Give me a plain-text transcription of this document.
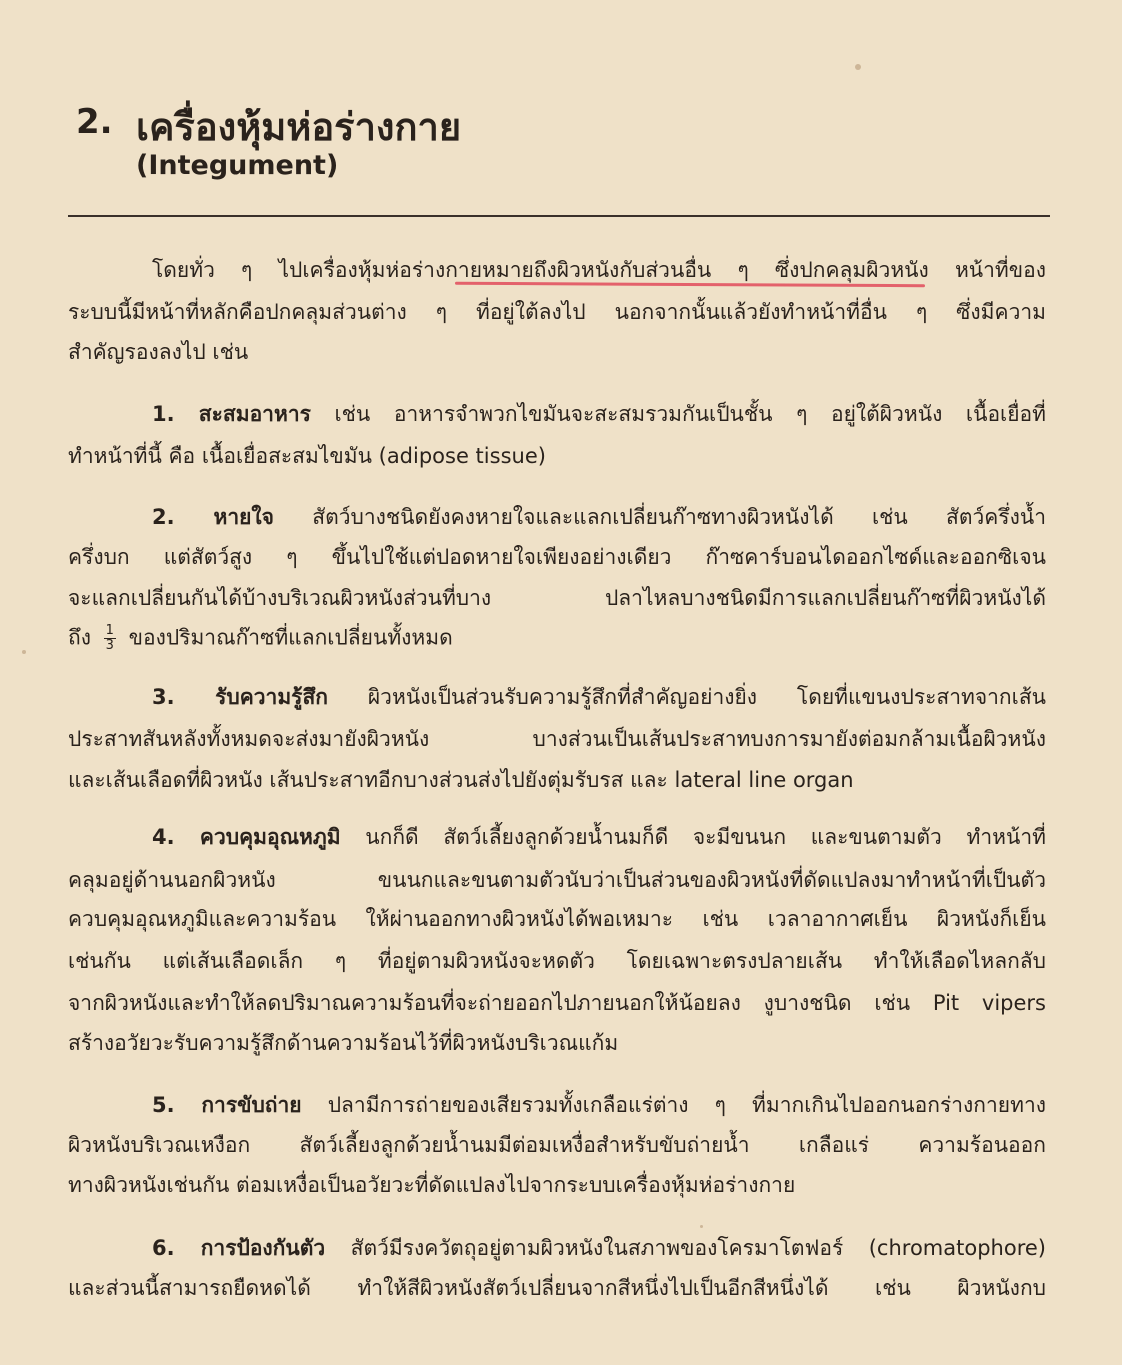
2. เครื่องหุ้มห่อร่างกาย
(Integument)
โดยทั่ว ๆ ไปเครื่องหุ้มห่อร่างกายหมายถึงผิวหนังกับส่วนอื่น ๆ ซึ่งปกคลุมผิวหนัง หน้าที่ของ
ระบบนี้มีหน้าที่หลักคือปกคลุมส่วนต่าง ๆ ที่อยู่ใต้ลงไป นอกจากนั้นแล้วยังทำหน้าที่อื่น ๆ ซึ่งมีความ
สำคัญรองลงไป เช่น
1. สะสมอาหาร เช่น อาหารจำพวกไขมันจะสะสมรวมกันเป็นชั้น ๆ อยู่ใต้ผิวหนัง เนื้อเยื่อที่
ทำหน้าที่นี้ คือ เนื้อเยื่อสะสมไขมัน (adipose tissue)
2. หายใจ สัตว์บางชนิดยังคงหายใจและแลกเปลี่ยนก๊าซทางผิวหนังได้ เช่น สัตว์ครึ่งน้ำ
ครึ่งบก แต่สัตว์สูง ๆ ขึ้นไปใช้แต่ปอดหายใจเพียงอย่างเดียว ก๊าซคาร์บอนไดออกไซด์และออกซิเจน
จะแลกเปลี่ยนกันได้บ้างบริเวณผิวหนังส่วนที่บาง ปลาไหลบางชนิดมีการแลกเปลี่ยนก๊าซที่ผิวหนังได้
ถึง $\frac{1}{3}$ ของปริมาณก๊าซที่แลกเปลี่ยนทั้งหมด
3. รับความรู้สึก ผิวหนังเป็นส่วนรับความรู้สึกที่สำคัญอย่างยิ่ง โดยที่แขนงประสาทจากเส้น
ประสาทสันหลังทั้งหมดจะส่งมายังผิวหนัง บางส่วนเป็นเส้นประสาทบงการมายังต่อมกล้ามเนื้อผิวหนัง
และเส้นเลือดที่ผิวหนัง เส้นประสาทอีกบางส่วนส่งไปยังตุ่มรับรส และ lateral line organ
4. ควบคุมอุณหภูมิ นกก็ดี สัตว์เลี้ยงลูกด้วยน้ำนมก็ดี จะมีขนนก และขนตามตัว ทำหน้าที่
คลุมอยู่ด้านนอกผิวหนัง ขนนกและขนตามตัวนับว่าเป็นส่วนของผิวหนังที่ดัดแปลงมาทำหน้าที่เป็นตัว
ควบคุมอุณหภูมิและความร้อน ให้ผ่านออกทางผิวหนังได้พอเหมาะ เช่น เวลาอากาศเย็น ผิวหนังก็เย็น
เช่นกัน แต่เส้นเลือดเล็ก ๆ ที่อยู่ตามผิวหนังจะหดตัว โดยเฉพาะตรงปลายเส้น ทำให้เลือดไหลกลับ
จากผิวหนังและทำให้ลดปริมาณความร้อนที่จะถ่ายออกไปภายนอกให้น้อยลง งูบางชนิด เช่น Pit vipers
สร้างอวัยวะรับความรู้สึกด้านความร้อนไว้ที่ผิวหนังบริเวณแก้ม
5. การขับถ่าย ปลามีการถ่ายของเสียรวมทั้งเกลือแร่ต่าง ๆ ที่มากเกินไปออกนอกร่างกายทาง
ผิวหนังบริเวณเหงือก สัตว์เลี้ยงลูกด้วยน้ำนมมีต่อมเหงื่อสำหรับขับถ่ายน้ำ เกลือแร่ ความร้อนออก
ทางผิวหนังเช่นกัน ต่อมเหงื่อเป็นอวัยวะที่ดัดแปลงไปจากระบบเครื่องหุ้มห่อร่างกาย
6. การป้องกันตัว สัตว์มีรงควัตถุอยู่ตามผิวหนังในสภาพของโครมาโตฟอร์ (chromatophore)
และส่วนนี้สามารถยืดหดได้ ทำให้สีผิวหนังสัตว์เปลี่ยนจากสีหนึ่งไปเป็นอีกสีหนึ่งได้ เช่น ผิวหนังกบ
